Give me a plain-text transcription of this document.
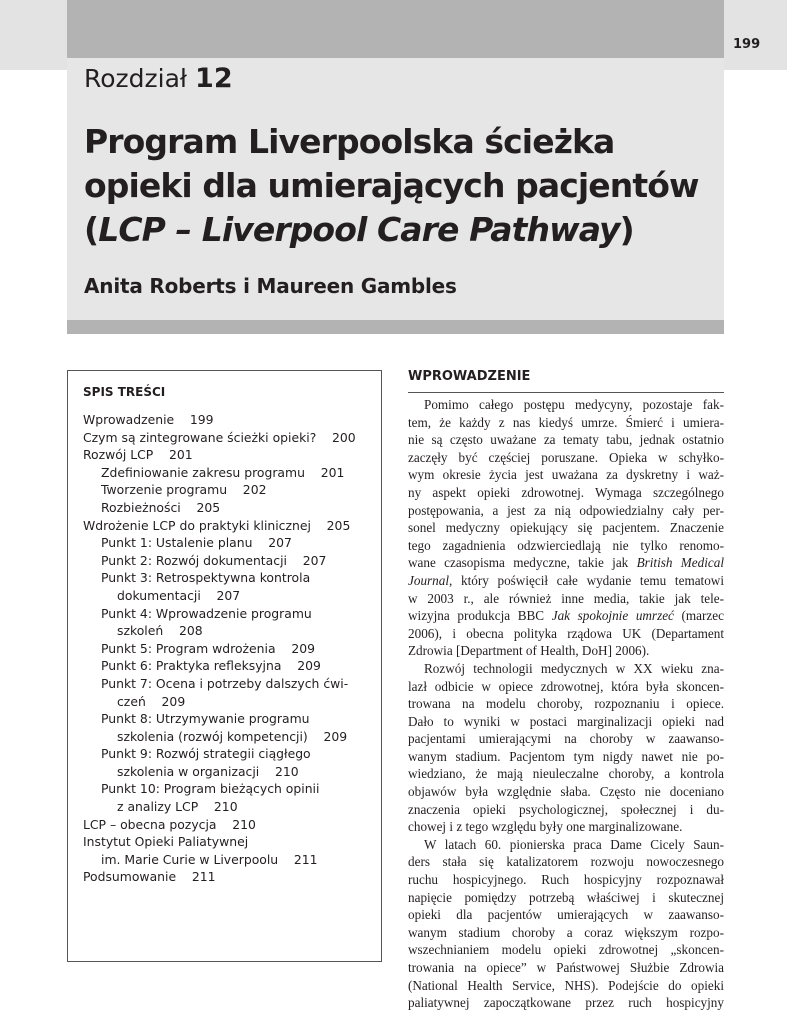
199
Rozdział 12
Program Liverpoolska ścieżka
opieki dla umierających pacjentów
(LCP – Liverpool Care Pathway)

Anita Roberts i Maureen Gambles

SPIS TREŚCI
Wprowadzenie    199
Czym są zintegrowane ścieżki opieki?    200
Rozwój LCP    201
Zdefiniowanie zakresu programu    201
Tworzenie programu    202
Rozbieżności    205
Wdrożenie LCP do praktyki klinicznej    205
Punkt 1: Ustalenie planu    207
Punkt 2: Rozwój dokumentacji    207
Punkt 3: Retrospektywna kontrola
dokumentacji    207
Punkt 4: Wprowadzenie programu
szkoleń    208
Punkt 5: Program wdrożenia    209
Punkt 6: Praktyka refleksyjna    209
Punkt 7: Ocena i potrzeby dalszych ćwi-
czeń    209
Punkt 8: Utrzymywanie programu
szkolenia (rozwój kompetencji)    209
Punkt 9: Rozwój strategii ciągłego
szkolenia w organizacji    210
Punkt 10: Program bieżących opinii
z analizy LCP    210
LCP – obecna pozycja    210
Instytut Opieki Paliatywnej
im. Marie Curie w Liverpoolu    211
Podsumowanie    211
WPROWADZENIE
Pomimo całego postępu medycyny, pozostaje fak-
tem, że każdy z nas kiedyś umrze. Śmierć i umiera-
nie są często uważane za tematy tabu, jednak ostatnio
zaczęły być częściej poruszane. Opieka w schyłko-
wym okresie życia jest uważana za dyskretny i waż-
ny aspekt opieki zdrowotnej. Wymaga szczególnego
postępowania, a jest za nią odpowiedzialny cały per-
sonel medyczny opiekujący się pacjentem. Znaczenie
tego zagadnienia odzwierciedlają nie tylko renomo-
wane czasopisma medyczne, takie jak British Medical
Journal, który poświęcił całe wydanie temu tematowi
w 2003 r., ale również inne media, takie jak tele-
wizyjna produkcja BBC Jak spokojnie umrzeć (marzec
2006), i obecna polityka rządowa UK (Departament
Zdrowia [Department of Health, DoH] 2006).
Rozwój technologii medycznych w XX wieku zna-
lazł odbicie w opiece zdrowotnej, która była skoncen-
trowana na modelu choroby, rozpoznaniu i opiece.
Dało to wyniki w postaci marginalizacji opieki nad
pacjentami umierającymi na choroby w zaawanso-
wanym stadium. Pacjentom tym nigdy nawet nie po-
wiedziano, że mają nieuleczalne choroby, a kontrola
objawów była względnie słaba. Często nie doceniano
znaczenia opieki psychologicznej, społecznej i du-
chowej i z tego względu były one marginalizowane.
W latach 60. pionierska praca Dame Cicely Saun-
ders stała się katalizatorem rozwoju nowoczesnego
ruchu hospicyjnego. Ruch hospicyjny rozpoznawał
napięcie pomiędzy potrzebą właściwej i skutecznej
opieki dla pacjentów umierających w zaawanso-
wanym stadium choroby a coraz większym rozpo-
wszechnianiem modelu opieki zdrowotnej „skoncen-
trowania na opiece” w Państwowej Służbie Zdrowia
(National Health Service, NHS). Podejście do opieki
paliatywnej zapoczątkowane przez ruch hospicyjny
